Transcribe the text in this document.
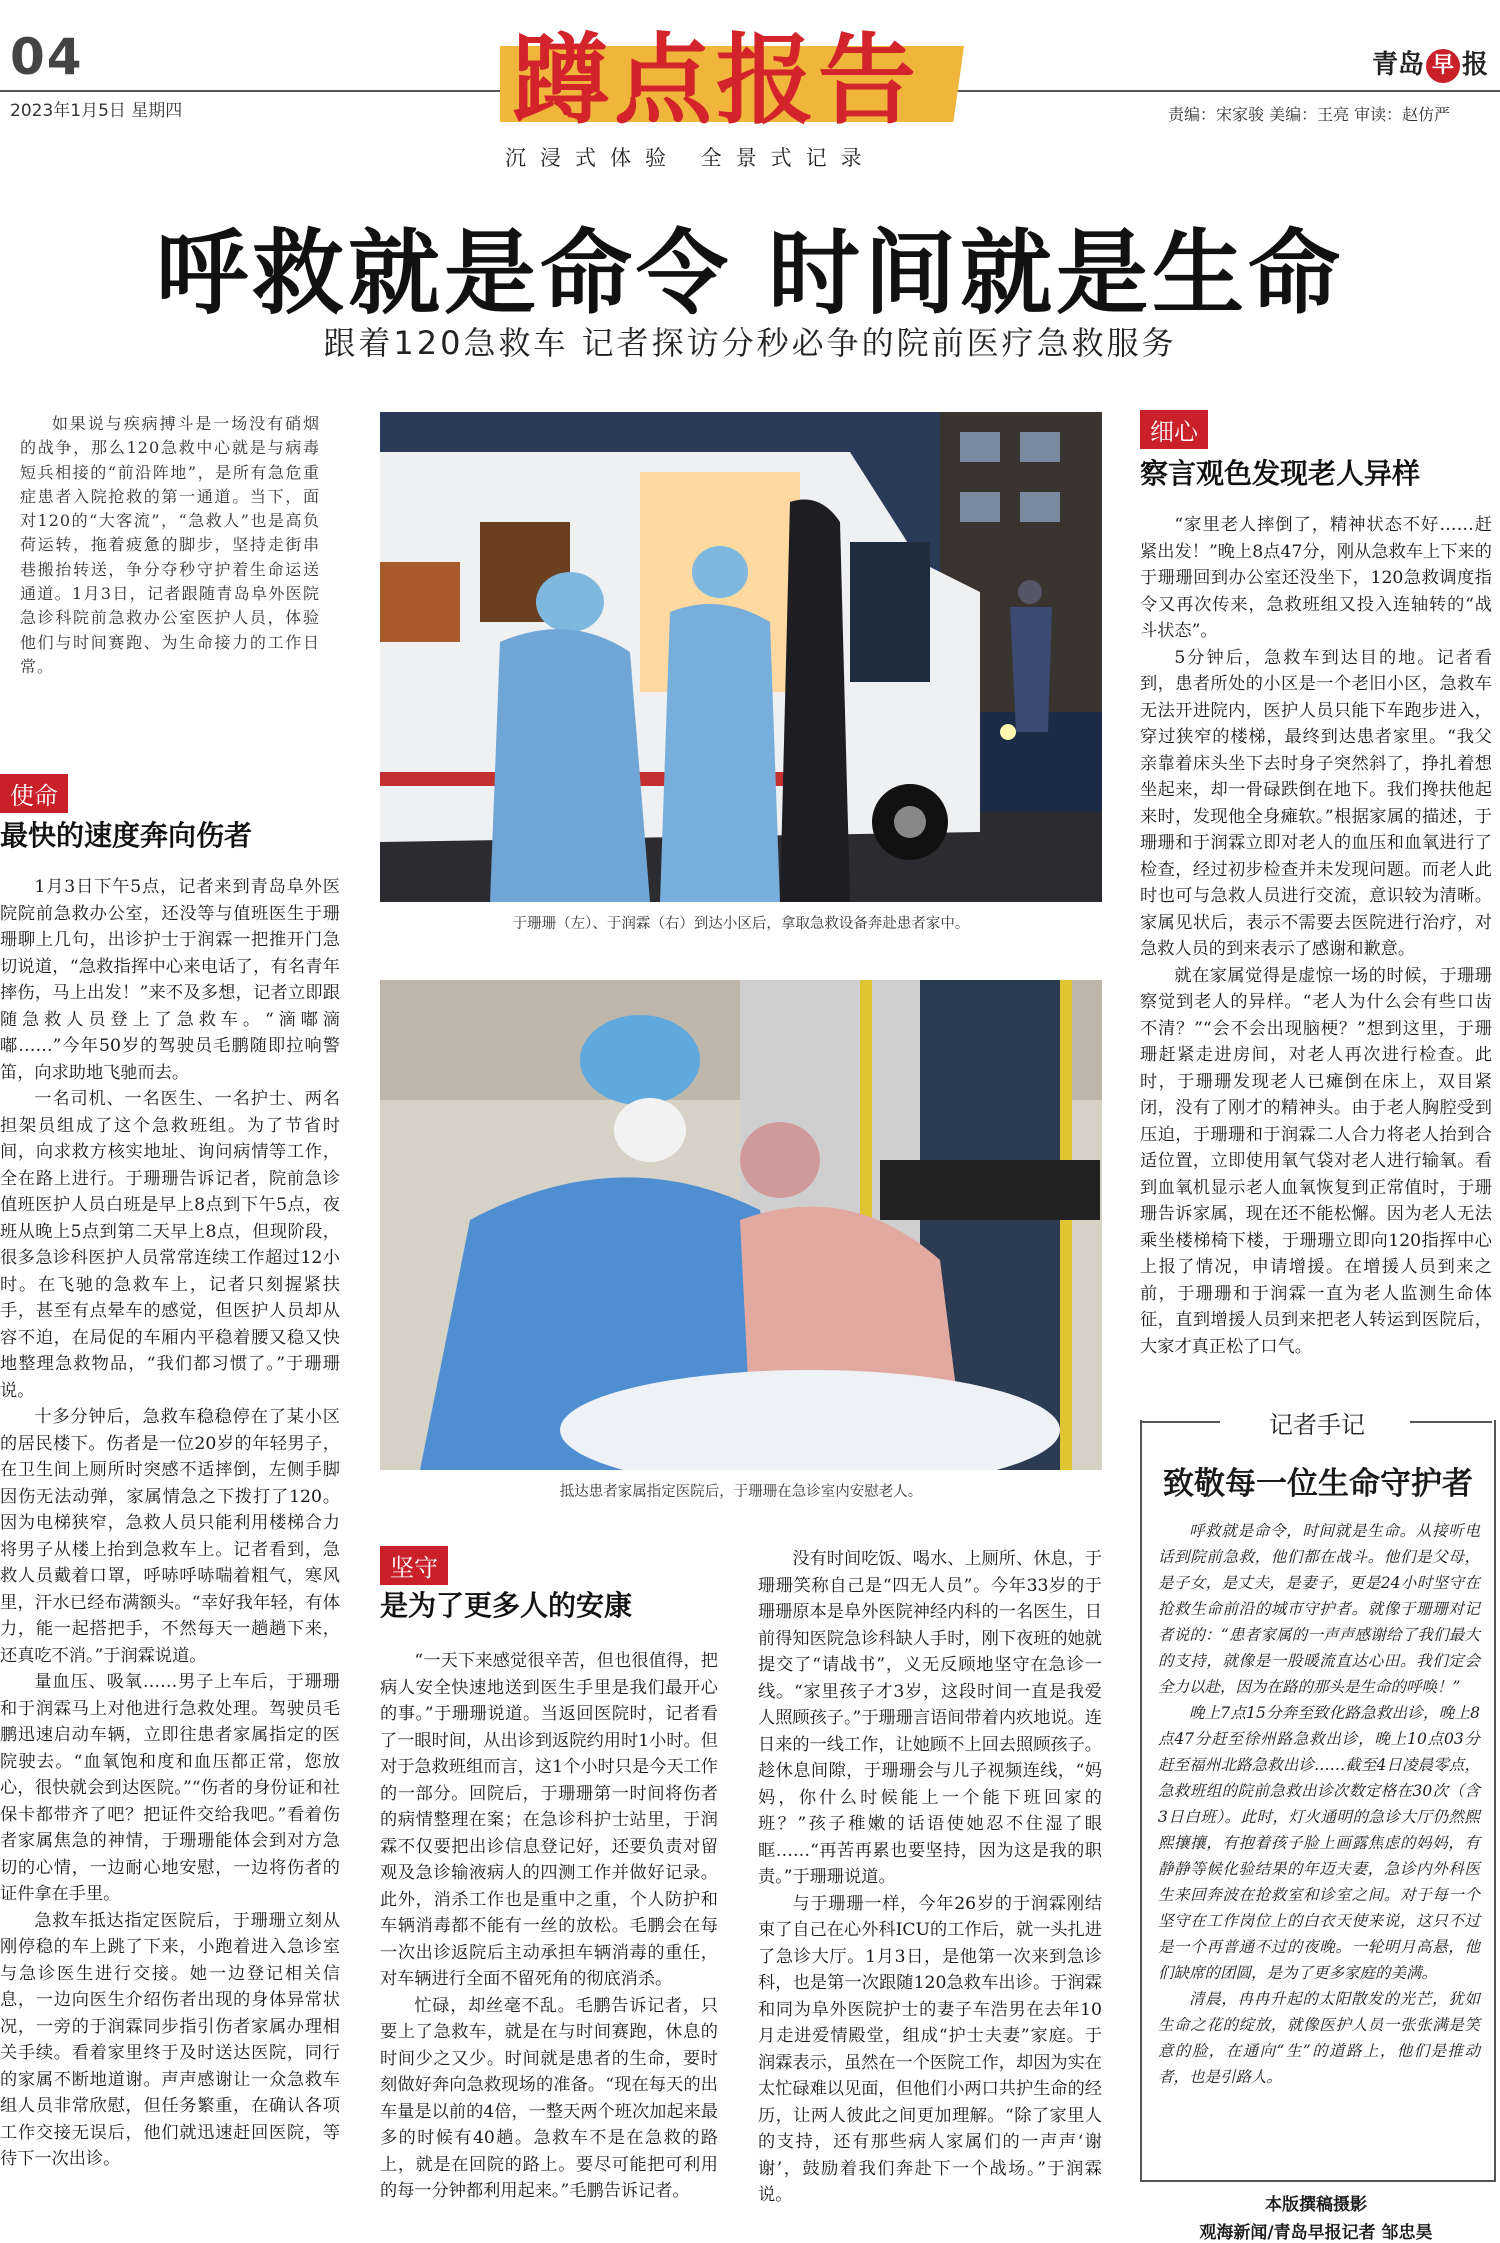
04
2023年1月5日 星期四	蹲点报告
沉浸式体验 全景式记录
青岛 早 报
责编：宋家骏 美编：王亮 审读：赵仿严
呼救就是命令 时间就是生命
跟着120急救车 记者探访分秒必争的院前医疗急救服务
如果说与疾病搏斗是一场没有硝烟的战争，那么120急救中心就是与病毒短兵相接的“前沿阵地”，是所有急危重症患者入院抢救的第一通道。当下，面对120的“大客流”，“急救人”也是高负荷运转，拖着疲惫的脚步，坚持走街串巷搬抬转送，争分夺秒守护着生命运送通道。1月3日，记者跟随青岛阜外医院急诊科院前急救办公室医护人员，体验他们与时间赛跑、为生命接力的工作日常。
使命
最快的速度奔向伤者

1月3日下午5点，记者来到青岛阜外医院院前急救办公室，还没等与值班医生于珊珊聊上几句，出诊护士于润霖一把推开门急切说道，“急救指挥中心来电话了，有名青年摔伤，马上出发！”来不及多想，记者立即跟随急救人员登上了急救车。“滴嘟滴嘟……”今年50岁的驾驶员毛鹏随即拉响警笛，向求助地飞驰而去。

一名司机、一名医生、一名护士、两名担架员组成了这个急救班组。为了节省时间，向求救方核实地址、询问病情等工作，全在路上进行。于珊珊告诉记者，院前急诊值班医护人员白班是早上8点到下午5点，夜班从晚上5点到第二天早上8点，但现阶段，很多急诊科医护人员常常连续工作超过12小时。在飞驰的急救车上，记者只刻握紧扶手，甚至有点晕车的感觉，但医护人员却从容不迫，在局促的车厢内平稳着腰又稳又快地整理急救物品，“我们都习惯了。”于珊珊说。

十多分钟后，急救车稳稳停在了某小区的居民楼下。伤者是一位20岁的年轻男子，在卫生间上厕所时突感不适摔倒，左侧手脚因伤无法动弹，家属情急之下拨打了120。因为电梯狭窄，急救人员只能利用楼梯合力将男子从楼上抬到急救车上。记者看到，急救人员戴着口罩，呼哧呼哧喘着粗气，寒风里，汗水已经布满额头。“幸好我年轻，有体力，能一起搭把手，不然每天一趟趟下来，还真吃不消。”于润霖说道。

量血压、吸氧……男子上车后，于珊珊和于润霖马上对他进行急救处理。驾驶员毛鹏迅速启动车辆，立即往患者家属指定的医院驶去。“血氧饱和度和血压都正常，您放心，很快就会到达医院。”“伤者的身份证和社保卡都带齐了吧？把证件交给我吧。”看着伤者家属焦急的神情，于珊珊能体会到对方急切的心情，一边耐心地安慰，一边将伤者的证件拿在手里。

急救车抵达指定医院后，于珊珊立刻从刚停稳的车上跳了下来，小跑着进入急诊室与急诊医生进行交接。她一边登记相关信息，一边向医生介绍伤者出现的身体异常状况，一旁的于润霖同步指引伤者家属办理相关手续。看着家里终于及时送达医院，同行的家属不断地道谢。声声感谢让一众急救车组人员非常欣慰，但任务繁重，在确认各项工作交接无误后，他们就迅速赶回医院，等待下一次出诊。

于珊珊（左）、于润霖（右）到达小区后，拿取急救设备奔赴患者家中。
抵达患者家属指定医院后，于珊珊在急诊室内安慰老人。
坚守
是为了更多人的安康

“一天下来感觉很辛苦，但也很值得，把病人安全快速地送到医生手里是我们最开心的事。”于珊珊说道。当返回医院时，记者看了一眼时间，从出诊到返院约用时1小时。但对于急救班组而言，这1个小时只是今天工作的一部分。回院后，于珊珊第一时间将伤者的病情整理在案；在急诊科护士站里，于润霖不仅要把出诊信息登记好，还要负责对留观及急诊输液病人的四测工作并做好记录。此外，消杀工作也是重中之重，个人防护和车辆消毒都不能有一丝的放松。毛鹏会在每一次出诊返院后主动承担车辆消毒的重任，对车辆进行全面不留死角的彻底消杀。

忙碌，却丝毫不乱。毛鹏告诉记者，只要上了急救车，就是在与时间赛跑，休息的时间少之又少。时间就是患者的生命，要时刻做好奔向急救现场的准备。“现在每天的出车量是以前的4倍，一整天两个班次加起来最多的时候有40趟。急救车不是在急救的路上，就是在回院的路上。要尽可能把可利用的每一分钟都利用起来。”毛鹏告诉记者。

没有时间吃饭、喝水、上厕所、休息，于珊珊笑称自己是“四无人员”。今年33岁的于珊珊原本是阜外医院神经内科的一名医生，日前得知医院急诊科缺人手时，刚下夜班的她就提交了“请战书”，义无反顾地坚守在急诊一线。“家里孩子才3岁，这段时间一直是我爱人照顾孩子。”于珊珊言语间带着内疚地说。连日来的一线工作，让她顾不上回去照顾孩子。趁休息间隙，于珊珊会与儿子视频连线，“妈妈，你什么时候能上一个能下班回家的班？”孩子稚嫩的话语使她忍不住湿了眼眶……“再苦再累也要坚持，因为这是我的职责。”于珊珊说道。

与于珊珊一样，今年26岁的于润霖刚结束了自己在心外科ICU的工作后，就一头扎进了急诊大厅。1月3日，是他第一次来到急诊科，也是第一次跟随120急救车出诊。于润霖和同为阜外医院护士的妻子车浩男在去年10月走进爱情殿堂，组成“护士夫妻”家庭。于润霖表示，虽然在一个医院工作，却因为实在太忙碌难以见面，但他们小两口共护生命的经历，让两人彼此之间更加理解。“除了家里人的支持，还有那些病人家属们的一声声‘谢谢’，鼓励着我们奔赴下一个战场。”于润霖说。

细心
察言观色发现老人异样

“家里老人摔倒了，精神状态不好……赶紧出发！”晚上8点47分，刚从急救车上下来的于珊珊回到办公室还没坐下，120急救调度指令又再次传来，急救班组又投入连轴转的“战斗状态”。

5分钟后，急救车到达目的地。记者看到，患者所处的小区是一个老旧小区，急救车无法开进院内，医护人员只能下车跑步进入，穿过狭窄的楼梯，最终到达患者家里。“我父亲靠着床头坐下去时身子突然斜了，挣扎着想坐起来，却一骨碌跌倒在地下。我们搀扶他起来时，发现他全身瘫软。”根据家属的描述，于珊珊和于润霖立即对老人的血压和血氧进行了检查，经过初步检查并未发现问题。而老人此时也可与急救人员进行交流，意识较为清晰。家属见状后，表示不需要去医院进行治疗，对急救人员的到来表示了感谢和歉意。

就在家属觉得是虚惊一场的时候，于珊珊察觉到老人的异样。“老人为什么会有些口齿不清？”“会不会出现脑梗？”想到这里，于珊珊赶紧走进房间，对老人再次进行检查。此时，于珊珊发现老人已瘫倒在床上，双目紧闭，没有了刚才的精神头。由于老人胸腔受到压迫，于珊珊和于润霖二人合力将老人抬到合适位置，立即使用氧气袋对老人进行输氧。看到血氧机显示老人血氧恢复到正常值时，于珊珊告诉家属，现在还不能松懈。因为老人无法乘坐楼梯椅下楼，于珊珊立即向120指挥中心上报了情况，申请增援。在增援人员到来之前，于珊珊和于润霖一直为老人监测生命体征，直到增援人员到来把老人转运到医院后，大家才真正松了口气。

记者手记
致敬每一位生命守护者

呼救就是命令，时间就是生命。从接听电话到院前急救，他们都在战斗。他们是父母，是子女，是丈夫，是妻子，更是24小时坚守在抢救生命前沿的城市守护者。就像于珊珊对记者说的：“患者家属的一声声感谢给了我们最大的支持，就像是一股暖流直达心田。我们定会全力以赴，因为在路的那头是生命的呼唤！”

晚上7点15分奔至致化路急救出诊，晚上8点47分赶至徐州路急救出诊，晚上10点03分赶至福州北路急救出诊……截至4日凌晨零点，急救班组的院前急救出诊次数定格在30次（含3日白班）。此时，灯火通明的急诊大厅仍然熙熙攘攘，有抱着孩子脸上画露焦虑的妈妈，有静静等候化验结果的年迈夫妻，急诊内外科医生来回奔波在抢救室和诊室之间。对于每一个坚守在工作岗位上的白衣天使来说，这只不过是一个再普通不过的夜晚。一轮明月高悬，他们缺席的团圆，是为了更多家庭的美满。

清晨，冉冉升起的太阳散发的光芒，犹如生命之花的绽放，就像医护人员一张张满是笑意的脸，在通向“生”的道路上，他们是推动者，也是引路人。

本版撰稿摄影
观海新闻/青岛早报记者 邹忠昊
